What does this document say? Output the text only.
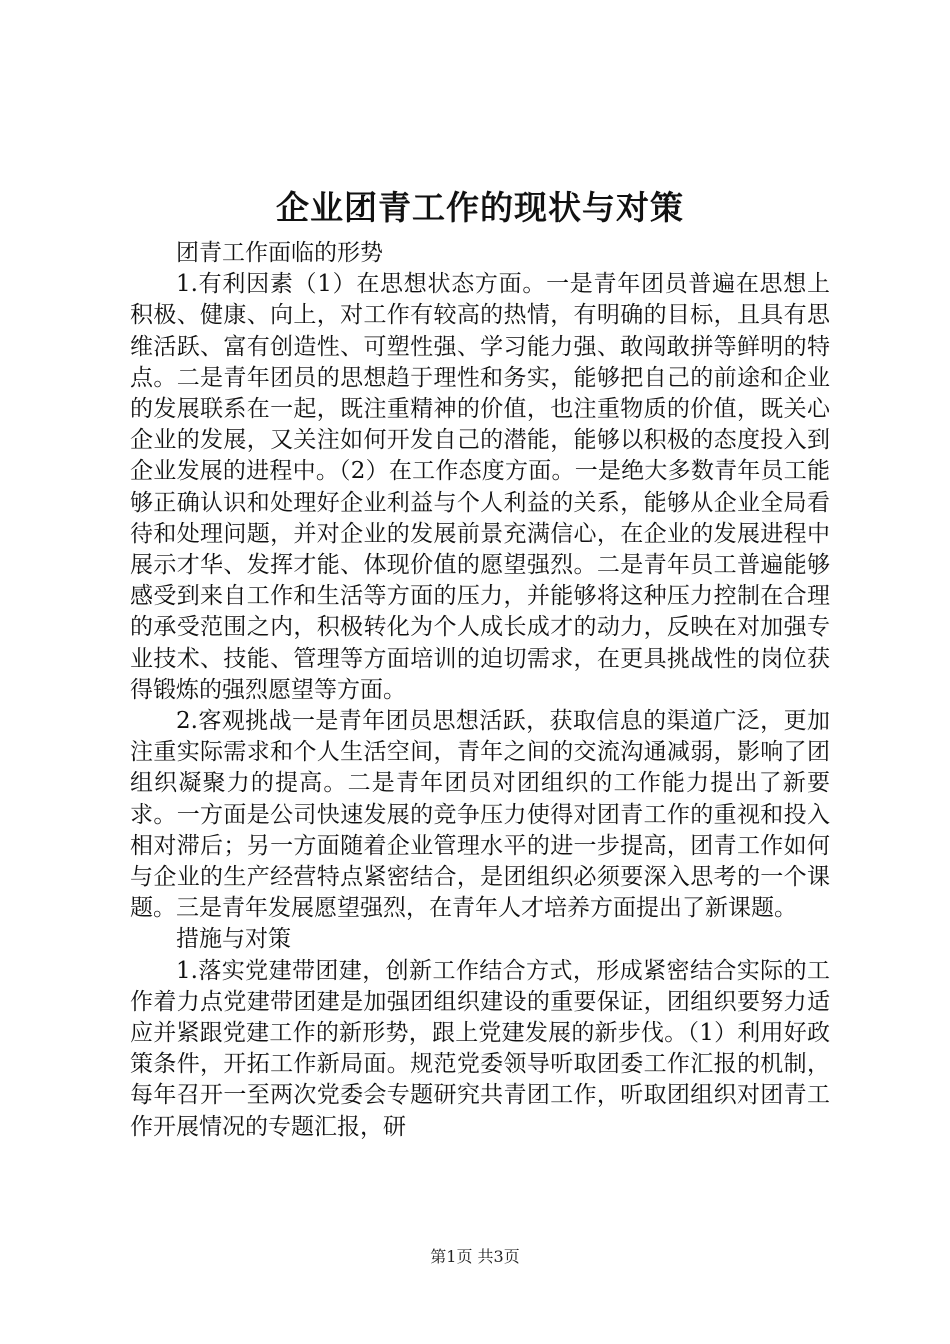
企业团青工作的现状与对策

团青工作面临的形势

1.有利因素（1）在思想状态方面。一是青年团员普遍在思想上积极、健康、向上，对工作有较高的热情，有明确的目标，且具有思维活跃、富有创造性、可塑性强、学习能力强、敢闯敢拼等鲜明的特点。二是青年团员的思想趋于理性和务实，能够把自己的前途和企业的发展联系在一起，既注重精神的价值，也注重物质的价值，既关心企业的发展，又关注如何开发自己的潜能，能够以积极的态度投入到企业发展的进程中。（2）在工作态度方面。一是绝大多数青年员工能够正确认识和处理好企业利益与个人利益的关系，能够从企业全局看待和处理问题，并对企业的发展前景充满信心，在企业的发展进程中展示才华、发挥才能、体现价值的愿望强烈。二是青年员工普遍能够感受到来自工作和生活等方面的压力，并能够将这种压力控制在合理的承受范围之内，积极转化为个人成长成才的动力，反映在对加强专业技术、技能、管理等方面培训的迫切需求，在更具挑战性的岗位获得锻炼的强烈愿望等方面。

2.客观挑战一是青年团员思想活跃，获取信息的渠道广泛，更加注重实际需求和个人生活空间，青年之间的交流沟通减弱，影响了团组织凝聚力的提高。二是青年团员对团组织的工作能力提出了新要求。一方面是公司快速发展的竞争压力使得对团青工作的重视和投入相对滞后；另一方面随着企业管理水平的进一步提高，团青工作如何与企业的生产经营特点紧密结合，是团组织必须要深入思考的一个课题。三是青年发展愿望强烈，在青年人才培养方面提出了新课题。

措施与对策

1.落实党建带团建，创新工作结合方式，形成紧密结合实际的工作着力点党建带团建是加强团组织建设的重要保证，团组织要努力适应并紧跟党建工作的新形势，跟上党建发展的新步伐。（1）利用好政策条件，开拓工作新局面。规范党委领导听取团委工作汇报的机制，每年召开一至两次党委会专题研究共青团工作，听取团组织对团青工作开展情况的专题汇报，研

第1页 共3页
